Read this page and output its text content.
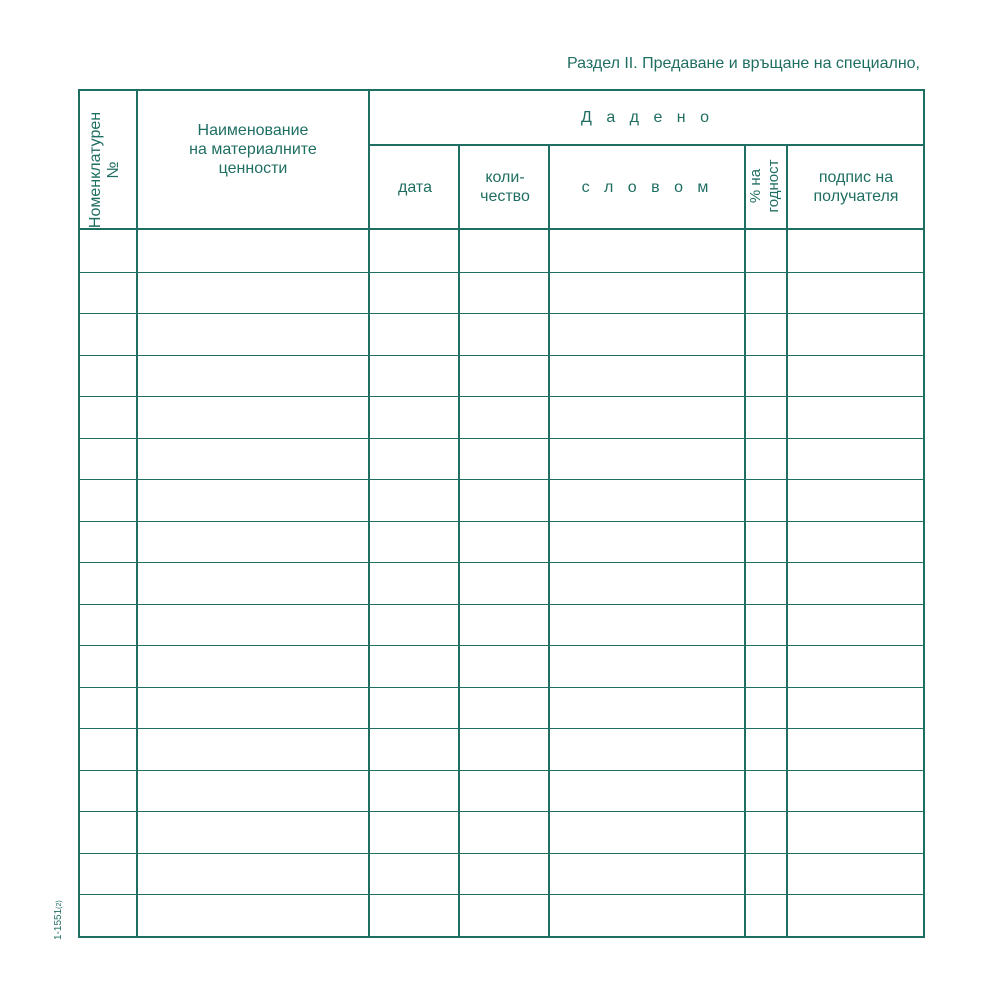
Раздел II. Предаване и връщане на специално,
1-1551(2)
Номенклатурен №
Наименование
на материалните
ценности
Д а д е н о
дата
коли-
чество
с л о в о м	% на годност подпис на
получателя
